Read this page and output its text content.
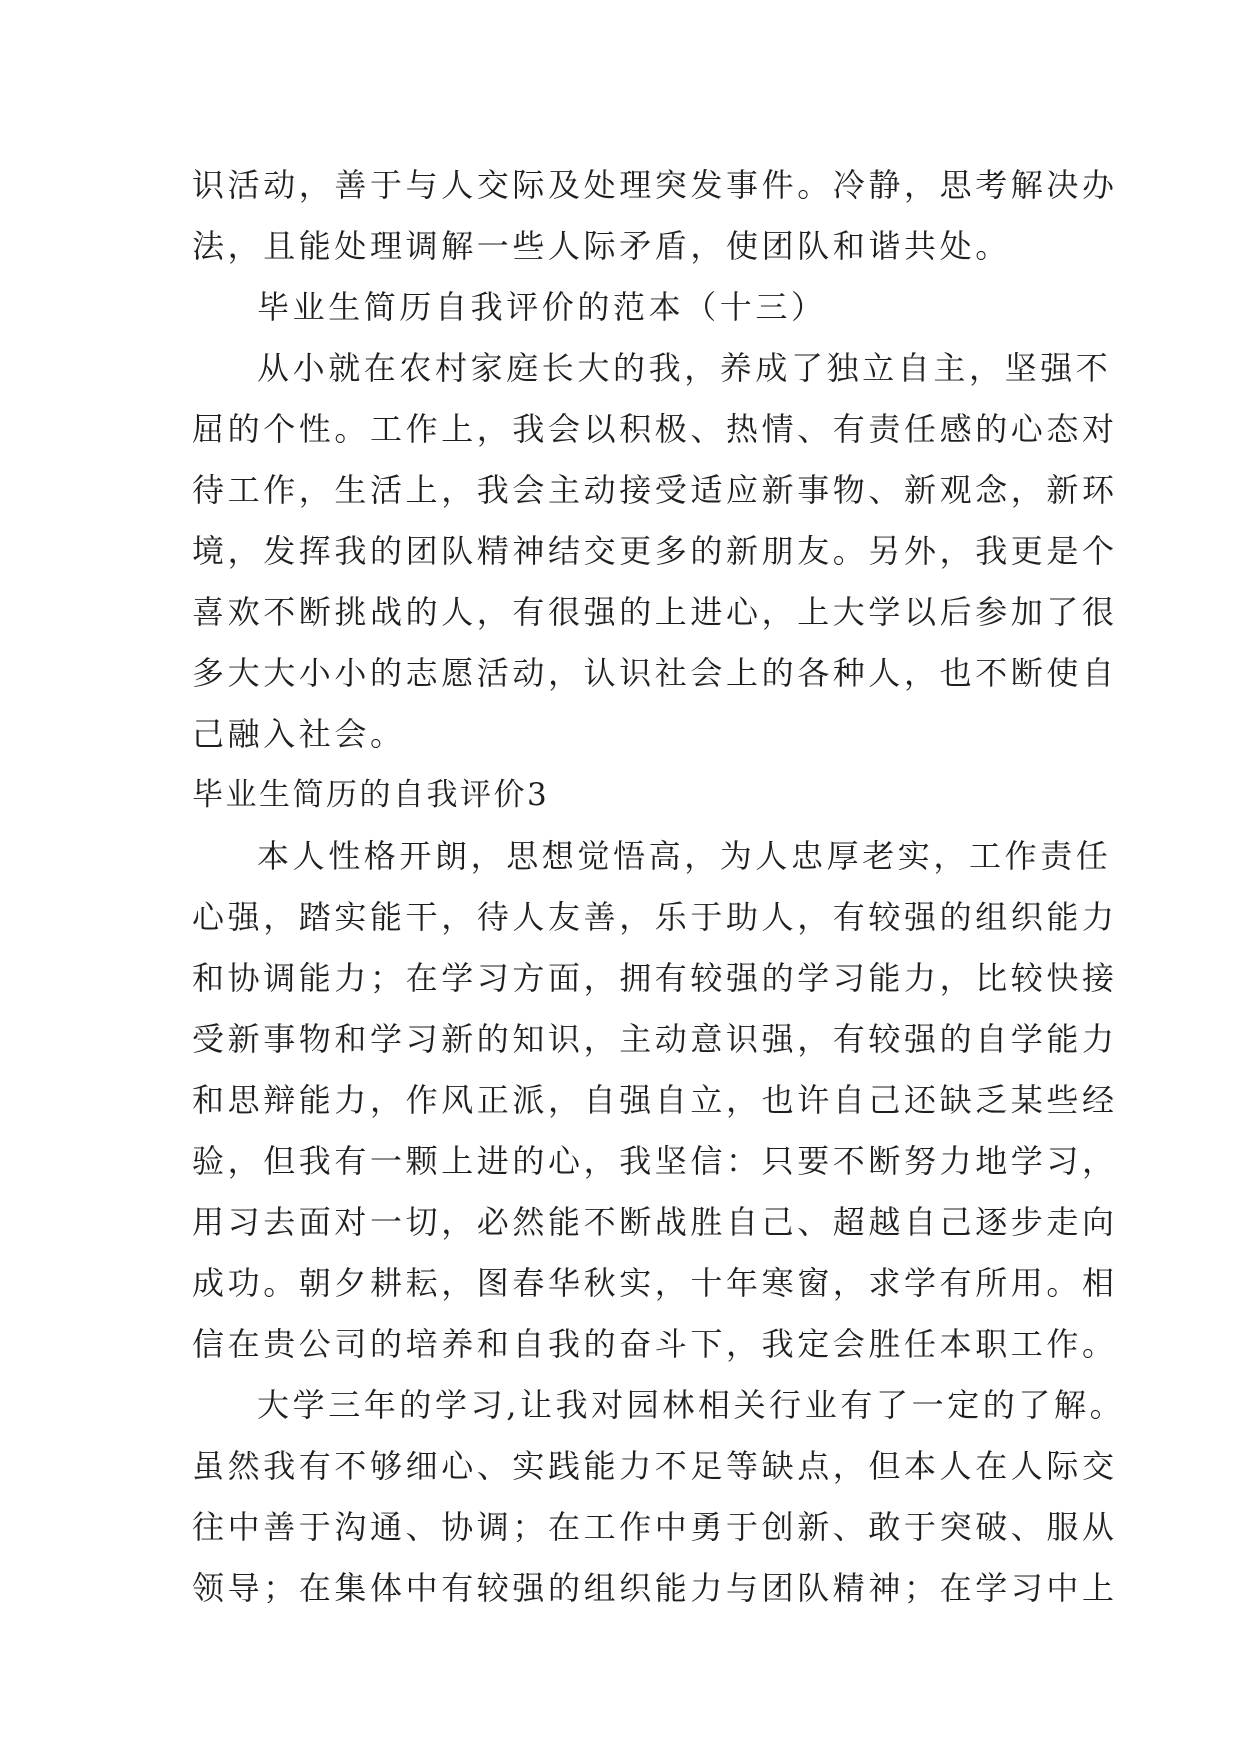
识活动，善于与人交际及处理突发事件。冷静，思考解决办
法，且能处理调解一些人际矛盾，使团队和谐共处。
毕业生简历自我评价的范本（十三）
从小就在农村家庭长大的我，养成了独立自主，坚强不
屈的个性。工作上，我会以积极、热情、有责任感的心态对
待工作，生活上，我会主动接受适应新事物、新观念，新环
境，发挥我的团队精神结交更多的新朋友。另外，我更是个
喜欢不断挑战的人，有很强的上进心，上大学以后参加了很
多大大小小的志愿活动，认识社会上的各种人，也不断使自
己融入社会。
毕业生简历的自我评价3
本人性格开朗，思想觉悟高，为人忠厚老实，工作责任
心强，踏实能干，待人友善，乐于助人，有较强的组织能力
和协调能力；在学习方面，拥有较强的学习能力，比较快接
受新事物和学习新的知识，主动意识强，有较强的自学能力
和思辩能力，作风正派，自强自立，也许自己还缺乏某些经
验，但我有一颗上进的心，我坚信：只要不断努力地学习，
用习去面对一切，必然能不断战胜自己、超越自己逐步走向
成功。朝夕耕耘，图春华秋实，十年寒窗，求学有所用。相
信在贵公司的培养和自我的奋斗下，我定会胜任本职工作。
大学三年的学习,让我对园林相关行业有了一定的了解。
虽然我有不够细心、实践能力不足等缺点，但本人在人际交
往中善于沟通、协调；在工作中勇于创新、敢于突破、服从
领导；在集体中有较强的组织能力与团队精神；在学习中上
